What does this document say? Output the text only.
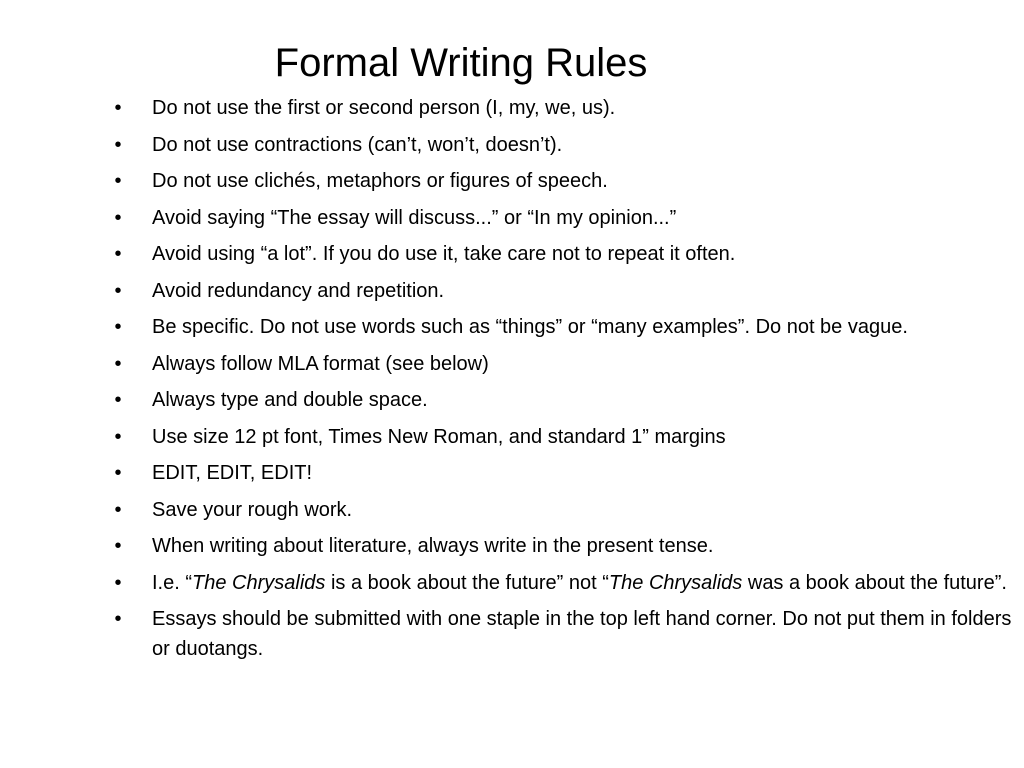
Formal Writing Rules
• Do not use the first or second person (I, my, we, us).
• Do not use contractions (can’t, won’t, doesn’t).
• Do not use clichés, metaphors or figures of speech.
• Avoid saying “The essay will discuss...” or “In my opinion...”
• Avoid using “a lot”. If you do use it, take care not to repeat it often.
• Avoid redundancy and repetition.
• Be specific. Do not use words such as “things” or “many examples”. Do not be vague.
• Always follow MLA format (see below)
• Always type and double space.
• Use size 12 pt font, Times New Roman, and standard 1” margins
• EDIT, EDIT, EDIT!
• Save your rough work.
• When writing about literature, always write in the present tense.
• I.e. “The Chrysalids is a book about the future” not “The Chrysalids was a book about the future”.
• Essays should be submitted with one staple in the top left hand corner. Do not put them in folders or duotangs.
